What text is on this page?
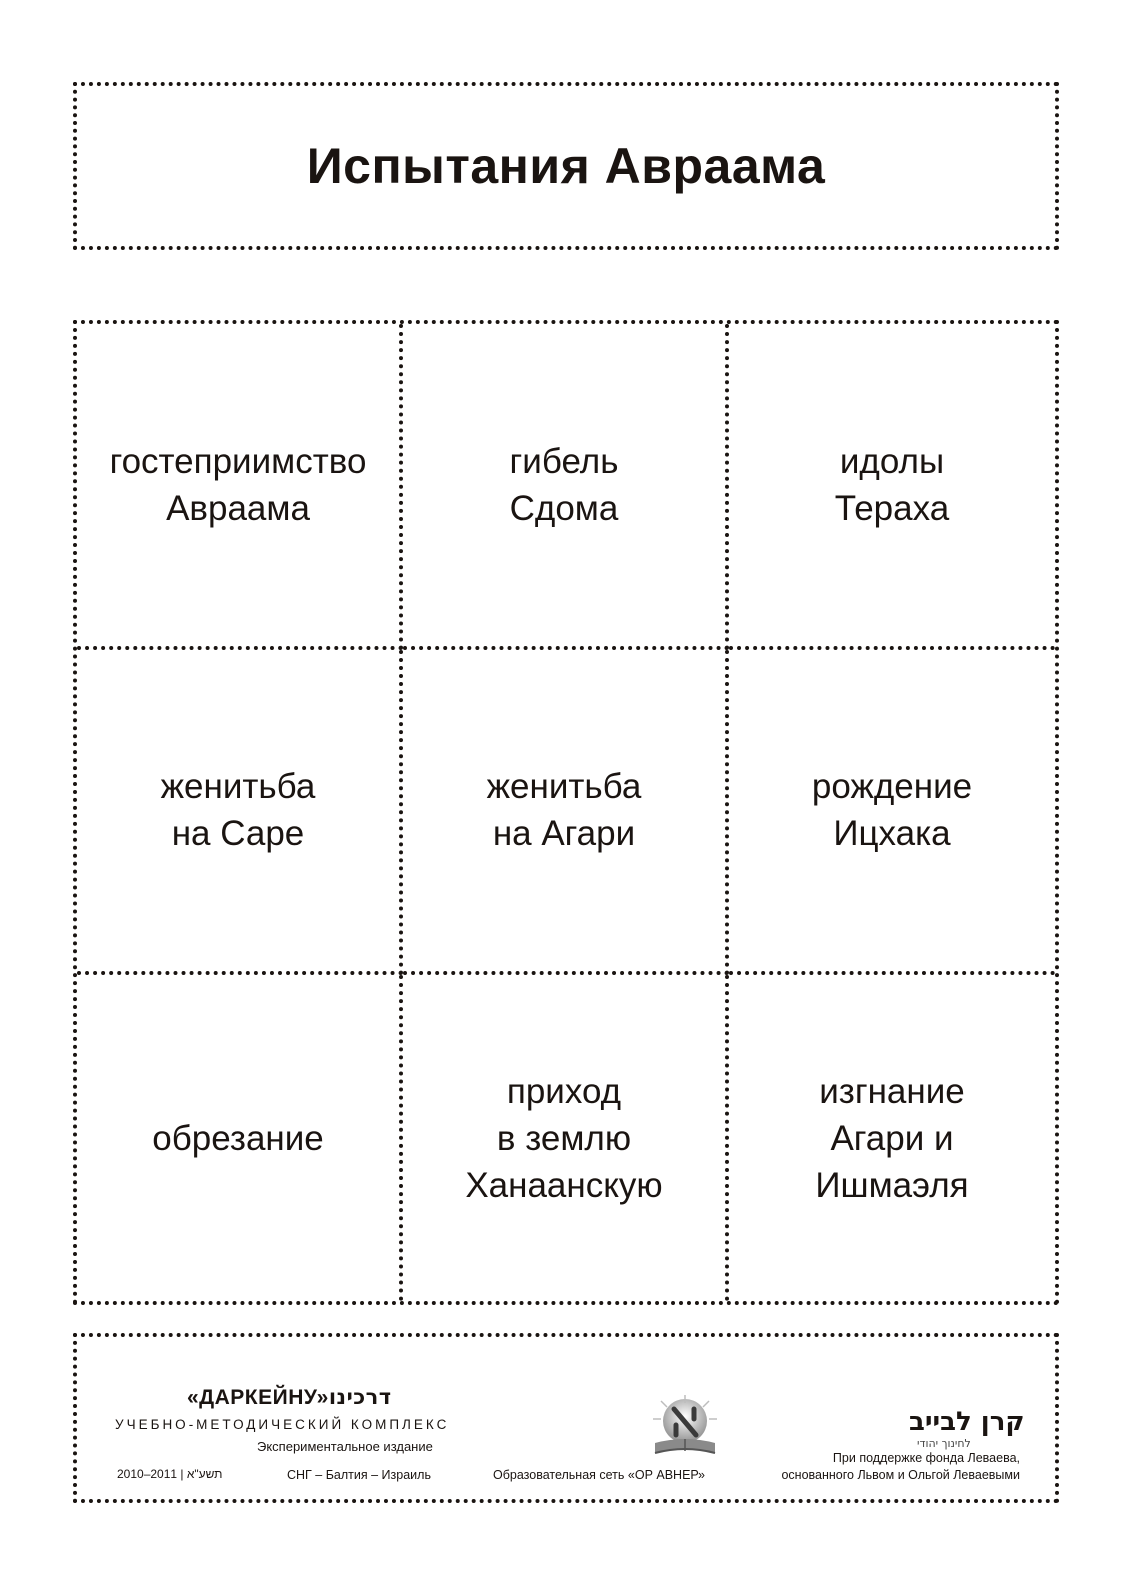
Испытания Авраама
гостеприимство
Авраама
гибель
Сдома
идолы
Тераха
женитьба
на Саре
женитьба
на Агари
рождение
Ицхака
обрезание
приход
в землю
Ханаанскую
изгнание
Агари и
Ишмаэля
«ДАРКЕЙНУ»דרכינו
УЧЕБНО-МЕТОДИЧЕСКИЙ КОМПЛЕКС
Экспериментальное издание
2010–2011 | תשע"א	СНГ – Балтия – Израиль	Образовательная сеть «ОР АВНЕР»
קרן לבייב
לחינוך יהודי
При поддержке фонда Леваева,
основанного Львом и Ольгой Леваевыми
